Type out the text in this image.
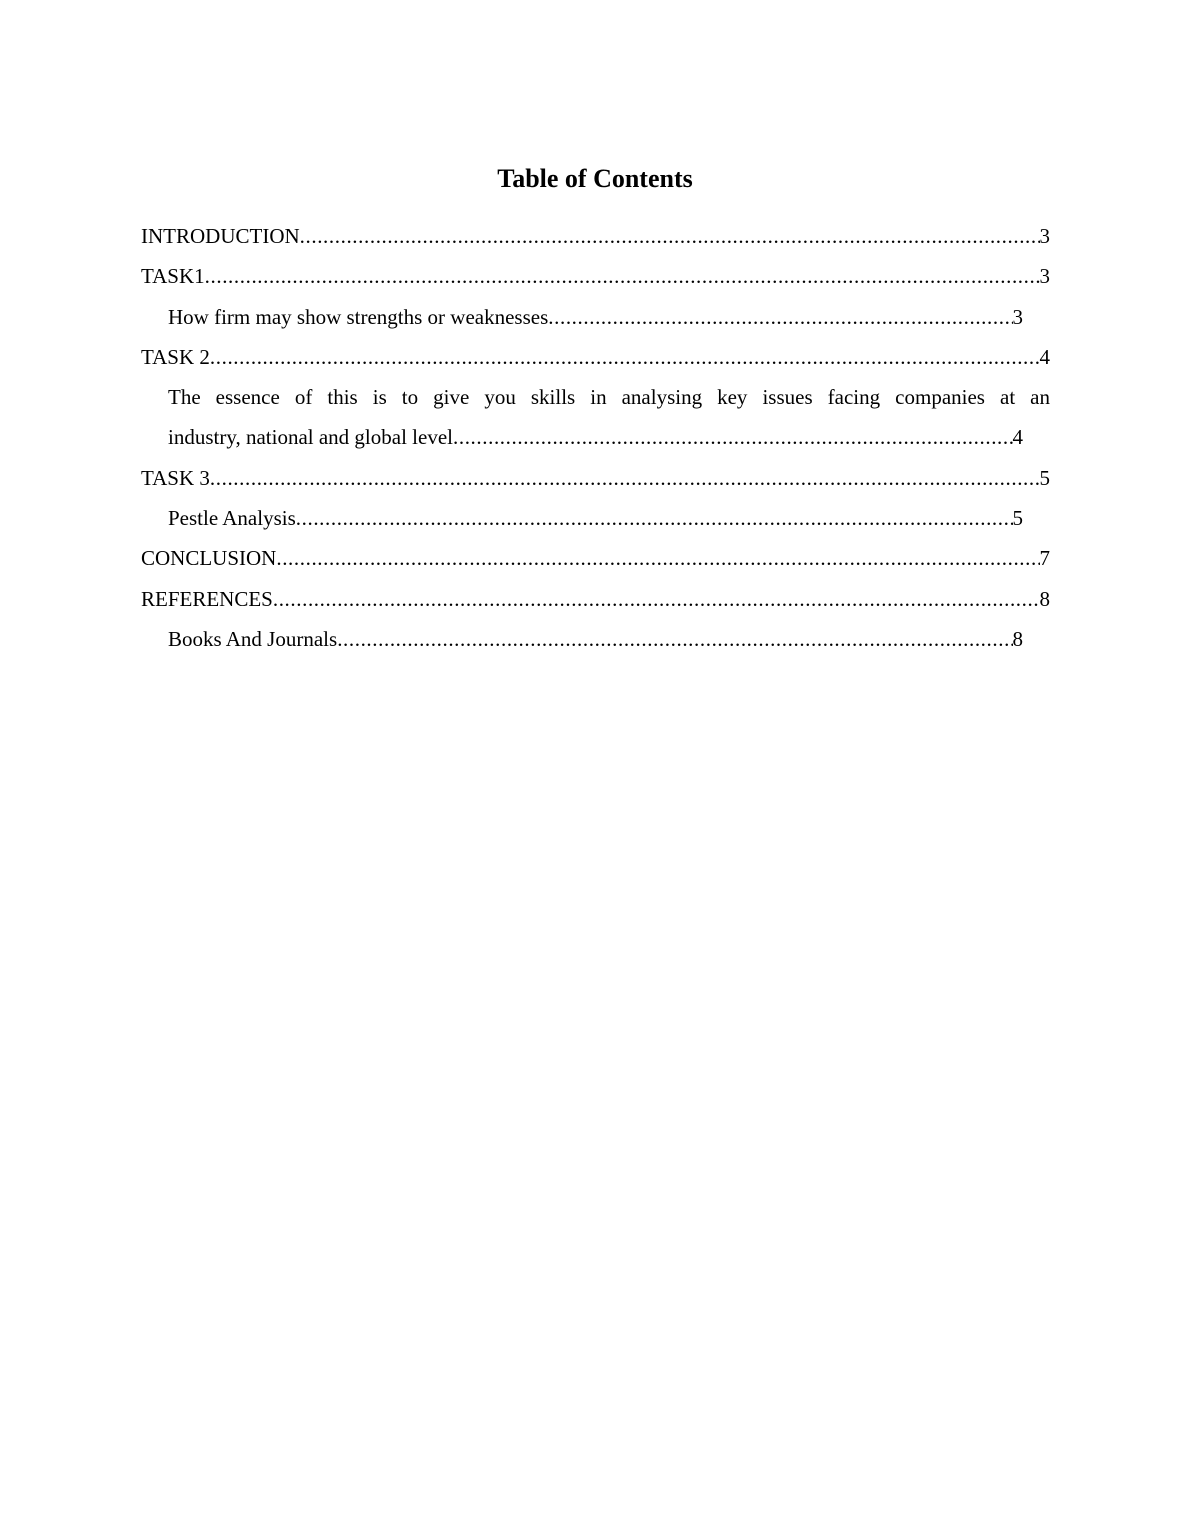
Table of Contents
INTRODUCTION .....	3
TASK1 .....	3
How firm may show strengths or weaknesses .....	3
TASK 2 .....	4
The essence of this is to give you skills in analysing key issues facing companies at an
industry, national and global level .....	4
TASK 3 .....	5
Pestle Analysis .....	5
CONCLUSION .....	7
REFERENCES .....	8
Books And Journals .....	8
